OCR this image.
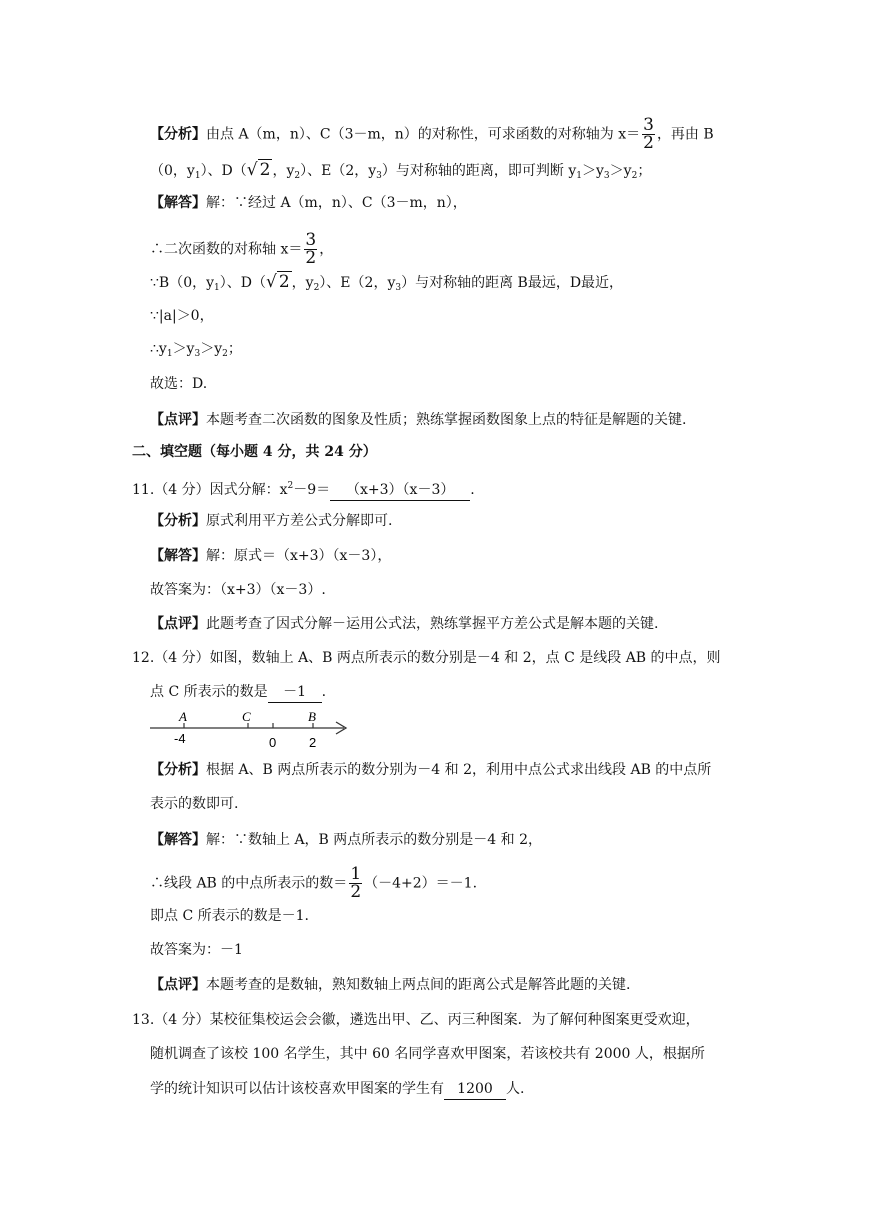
【分析】由点 A（m，n）、C（3－m，n）的对称性，可求函数的对称轴为 $x= \frac{3}{2}$ ，再由 B
（0，$y_1$）、D（√ 2 ，$y_2$）、E（2，$y_3$）与对称轴的距离，即可判断 $y_1>y_3>y_2$；
【解答】解：∵经过 A（m，n）、C（3－m，n），
∴二次函数的对称轴 $x= \frac{3}{2}$ ，
∵B（0，$y_1$）、D（√ 2 ，$y_2$）、E（2，$y_3$）与对称轴的距离 B最远，D最近，
∵|a|＞0，
$\therefore y_1>y_3>y_2$；
故选：D.
【点评】本题考查二次函数的图象及性质；熟练掌握函数图象上点的特征是解题的关键.
二、填空题（每小题 4 分，共 24 分）
11.（4 分）因式分解：$x^2-9= (x+3)(x-3)$ .
【分析】原式利用平方差公式分解即可.
【解答】解：原式＝（x+3）（x－3），
故答案为：（x+3）（x－3）.
【点评】此题考查了因式分解－运用公式法，熟练掌握平方差公式是解本题的关键.
12.（4 分）如图，数轴上 A、B 两点所表示的数分别是－4 和 2，点 C 是线段 AB 的中点，则
点 C 所表示的数是 －1 .
A	C	B
-4	0	2
【分析】根据 A、B 两点所表示的数分别为－4 和 2，利用中点公式求出线段 AB 的中点所
表示的数即可.
【解答】解：∵数轴上 A，B 两点所表示的数分别是－4 和 2，
∴线段 AB 的中点所表示的数＝ $\frac{1}{2} (-4+2)=-1$.
即点 C 所表示的数是－1.
故答案为：－1
【点评】本题考查的是数轴，熟知数轴上两点间的距离公式是解答此题的关键.
13.（4 分）某校征集校运会会徽，遴选出甲、乙、丙三种图案．为了解何种图案更受欢迎，
随机调查了该校 100 名学生，其中 60 名同学喜欢甲图案，若该校共有 2000 人，根据所
学的统计知识可以估计该校喜欢甲图案的学生有 1200 人.
